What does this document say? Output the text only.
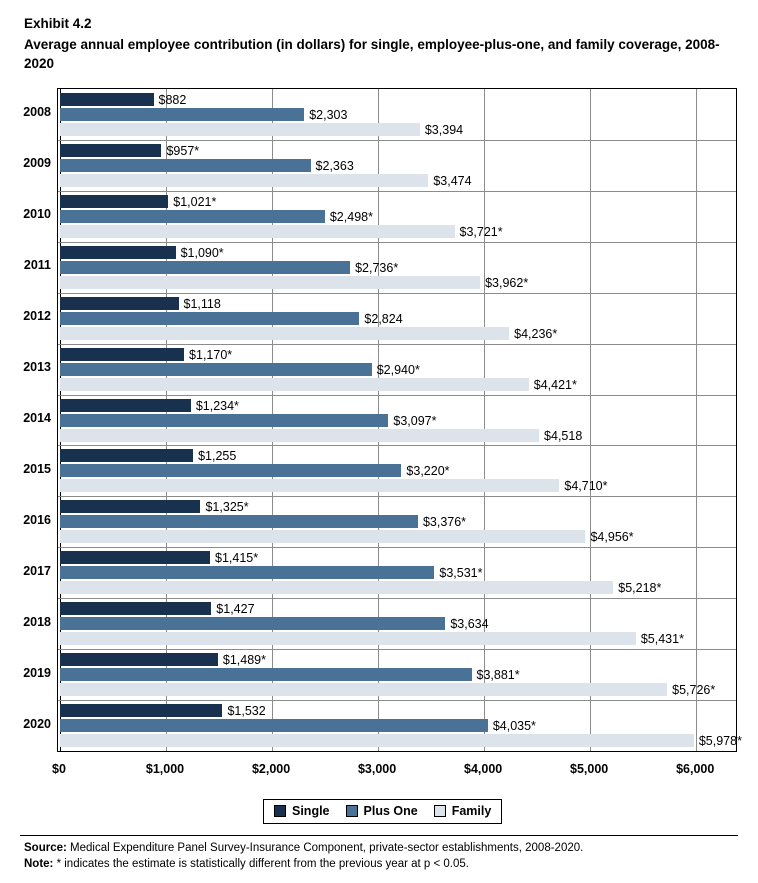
Exhibit 4.2
Average annual employee contribution (in dollars) for single, employee-plus-one, and family coverage, 2008-2020
$882
$2,303
$3,394
$957*
$2,363
$3,474
$1,021*
$2,498*
$3,721*
$1,090*
$2,736*
$3,962*
$1,118
$2,824
$4,236*
$1,170*
$2,940*
$4,421*
$1,234*
$3,097*
$4,518
$1,255
$3,220*
$4,710*
$1,325*
$3,376*
$4,956*
$1,415*
$3,531*
$5,218*
$1,427
$3,634
$5,431*
$1,489*
$3,881*
$5,726*
$1,532
$4,035*
$5,978*
Single	Plus One	Family
Source: Medical Expenditure Panel Survey-Insurance Component, private-sector establishments, 2008-2020.
Note: * indicates the estimate is statistically different from the previous year at p < 0.05.
2008
2009
2010
2011
2012
2013
2014
2015
2016
2017
2018
2019
2020
$0	$1,000	$2,000	$3,000	$4,000	$5,000	$6,000
